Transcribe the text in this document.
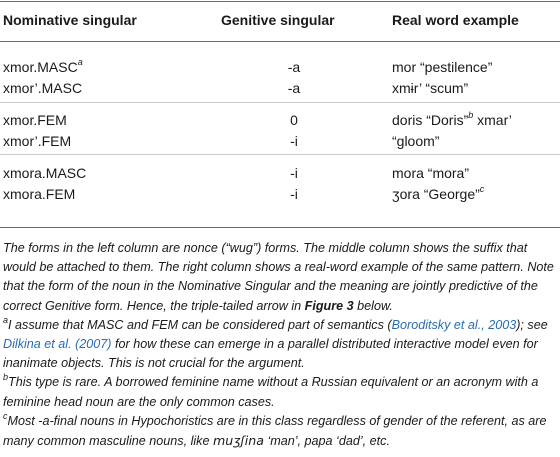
Nominative singular	Genitive singular	Real word example
xmor.MASC$^a$	-a	mor “pestilence”
xmor’.MASC	-a	xmɨr’ “scum”
xmor.FEM	0	doris “Doris”$^b$ xmar’
xmor’.FEM	-i	“gloom”
xmora.MASC	-i	mora “mora”
xmora.FEM	-i	ʒora “George”$^c$

The forms in the left column are nonce (“wug”) forms. The middle column shows the suffix that would be attached to them. The right column shows a real-word example of the same pattern. Note that the form of the noun in the Nominative Singular and the meaning are jointly predictive of the correct Genitive form. Hence, the triple-tailed arrow in Figure 3 below.

$^a$I assume that MASC and FEM can be considered part of semantics (Boroditsky et al., 2003); see Dilkina et al. (2007) for how these can emerge in a parallel distributed interactive model even for inanimate objects. This is not crucial for the argument.

$^b$This type is rare. A borrowed feminine name without a Russian equivalent or an acronym with a feminine head noun are the only common cases.

$^c$Most -a-final nouns in Hypochoristics are in this class regardless of gender of the referent, as are many common masculine nouns, like muʒʃina ‘man’, papa ‘dad’, etc.
